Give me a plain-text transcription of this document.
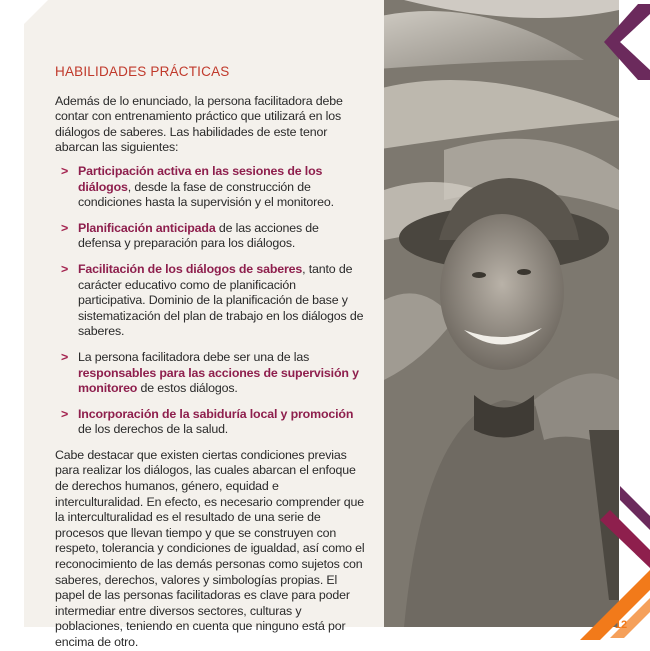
HABILIDADES PRÁCTICAS

Además de lo enunciado, la persona facilitadora debe contar con entrenamiento práctico que utilizará en los diálogos de saberes. Las habilidades de este tenor abarcan las siguientes:

> Participación activa en las sesiones de los diálogos, desde la fase de construcción de condiciones hasta la supervisión y el monitoreo.
> Planificación anticipada de las acciones de defensa y preparación para los diálogos.
> Facilitación de los diálogos de saberes, tanto de carácter educativo como de planificación participativa. Dominio de la planificación de base y sistematización del plan de trabajo en los diálogos de saberes.
> La persona facilitadora debe ser una de las responsables para las acciones de supervisión y monitoreo de estos diálogos.
> Incorporación de la sabiduría local y promoción de los derechos de la salud.

Cabe destacar que existen ciertas condiciones previas para realizar los diálogos, las cuales abarcan el enfoque de derechos humanos, género, equidad e interculturalidad. En efecto, es necesario comprender que la interculturalidad es el resultado de una serie de procesos que llevan tiempo y que se construyen con respeto, tolerancia y condiciones de igualdad, así como el reconocimiento de las demás personas como sujetos con saberes, derechos, valores y simbologías propias. El papel de las personas facilitadoras es clave para poder intermediar entre diversos sectores, culturas y poblaciones, teniendo en cuenta que ninguno está por encima de otro.

12
